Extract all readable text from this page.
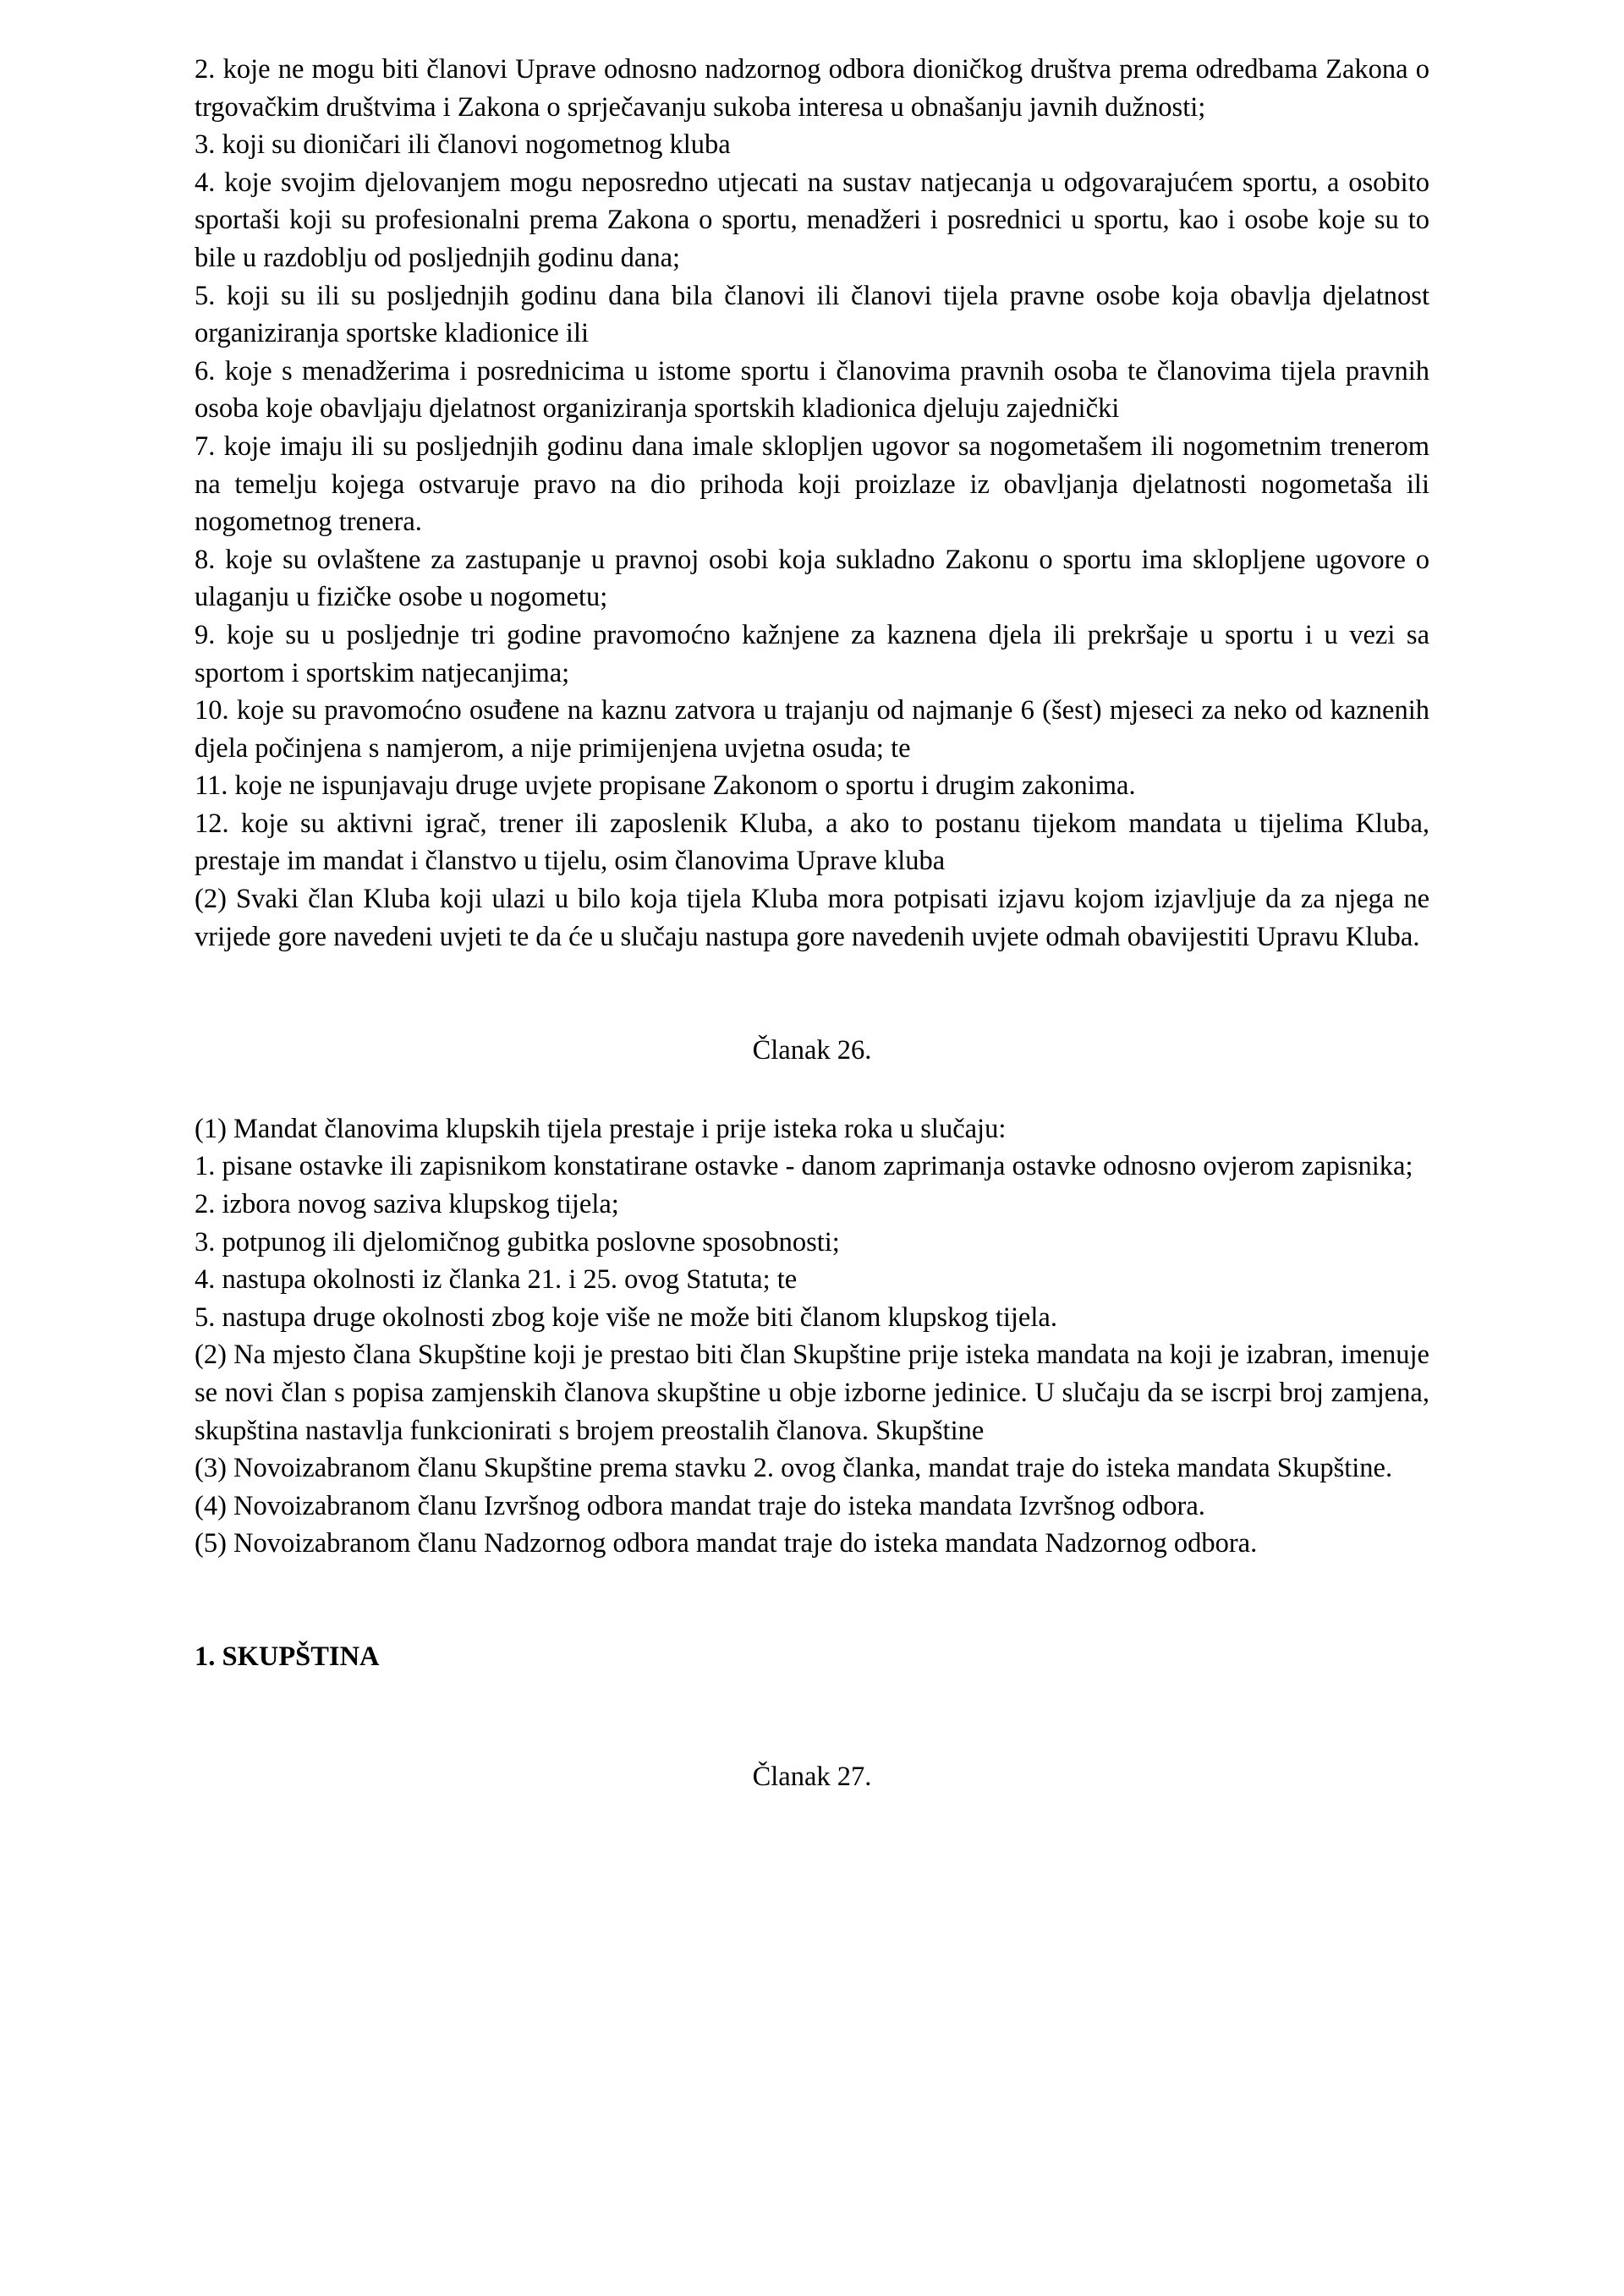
2. koje ne mogu biti članovi Uprave odnosno nadzornog odbora dioničkog društva prema odredbama Zakona o trgovačkim društvima i Zakona o sprječavanju sukoba interesa u obnašanju javnih dužnosti;

3. koji su dioničari ili članovi nogometnog kluba

4. koje svojim djelovanjem mogu neposredno utjecati na sustav natjecanja u odgovarajućem sportu, a osobito sportaši koji su profesionalni prema Zakona o sportu, menadžeri i posrednici u sportu, kao i osobe koje su to bile u razdoblju od posljednjih godinu dana;

5. koji su ili su posljednjih godinu dana bila članovi ili članovi tijela pravne osobe koja obavlja djelatnost organiziranja sportske kladionice ili

6. koje s menadžerima i posrednicima u istome sportu i članovima pravnih osoba te članovima tijela pravnih osoba koje obavljaju djelatnost organiziranja sportskih kladionica djeluju zajednički

7. koje imaju ili su posljednjih godinu dana imale sklopljen ugovor sa nogometašem ili nogometnim trenerom na temelju kojega ostvaruje pravo na dio prihoda koji proizlaze iz obavljanja djelatnosti nogometaša ili nogometnog trenera.

8. koje su ovlaštene za zastupanje u pravnoj osobi koja sukladno Zakonu o sportu ima sklopljene ugovore o ulaganju u fizičke osobe u nogometu;

9. koje su u posljednje tri godine pravomoćno kažnjene za kaznena djela ili prekršaje u sportu i u vezi sa sportom i sportskim natjecanjima;

10. koje su pravomoćno osuđene na kaznu zatvora u trajanju od najmanje 6 (šest) mjeseci za neko od kaznenih djela počinjena s namjerom, a nije primijenjena uvjetna osuda; te

11. koje ne ispunjavaju druge uvjete propisane Zakonom o sportu i drugim zakonima.

12. koje su aktivni igrač, trener ili zaposlenik Kluba, a ako to postanu tijekom mandata u tijelima Kluba, prestaje im mandat i članstvo u tijelu, osim članovima Uprave kluba

(2) Svaki član Kluba koji ulazi u bilo koja tijela Kluba mora potpisati izjavu kojom izjavljuje da za njega ne vrijede gore navedeni uvjeti te da će u slučaju nastupa gore navedenih uvjete odmah obavijestiti Upravu Kluba.

Članak 26.

(1) Mandat članovima klupskih tijela prestaje i prije isteka roka u slučaju:

1. pisane ostavke ili zapisnikom konstatirane ostavke - danom zaprimanja ostavke odnosno ovjerom zapisnika;

2. izbora novog saziva klupskog tijela;

3. potpunog ili djelomičnog gubitka poslovne sposobnosti;

4. nastupa okolnosti iz članka 21. i 25. ovog Statuta; te

5. nastupa druge okolnosti zbog koje više ne može biti članom klupskog tijela.

(2) Na mjesto člana Skupštine koji je prestao biti član Skupštine prije isteka mandata na koji je izabran, imenuje se novi član s popisa zamjenskih članova skupštine u obje izborne jedinice. U slučaju da se iscrpi broj zamjena, skupština nastavlja funkcionirati s brojem preostalih članova. Skupštine

(3) Novoizabranom članu Skupštine prema stavku 2. ovog članka, mandat traje do isteka mandata Skupštine.

(4) Novoizabranom članu Izvršnog odbora mandat traje do isteka mandata Izvršnog odbora.

(5) Novoizabranom članu Nadzornog odbora mandat traje do isteka mandata Nadzornog odbora.

1. SKUPŠTINA

Članak 27.
